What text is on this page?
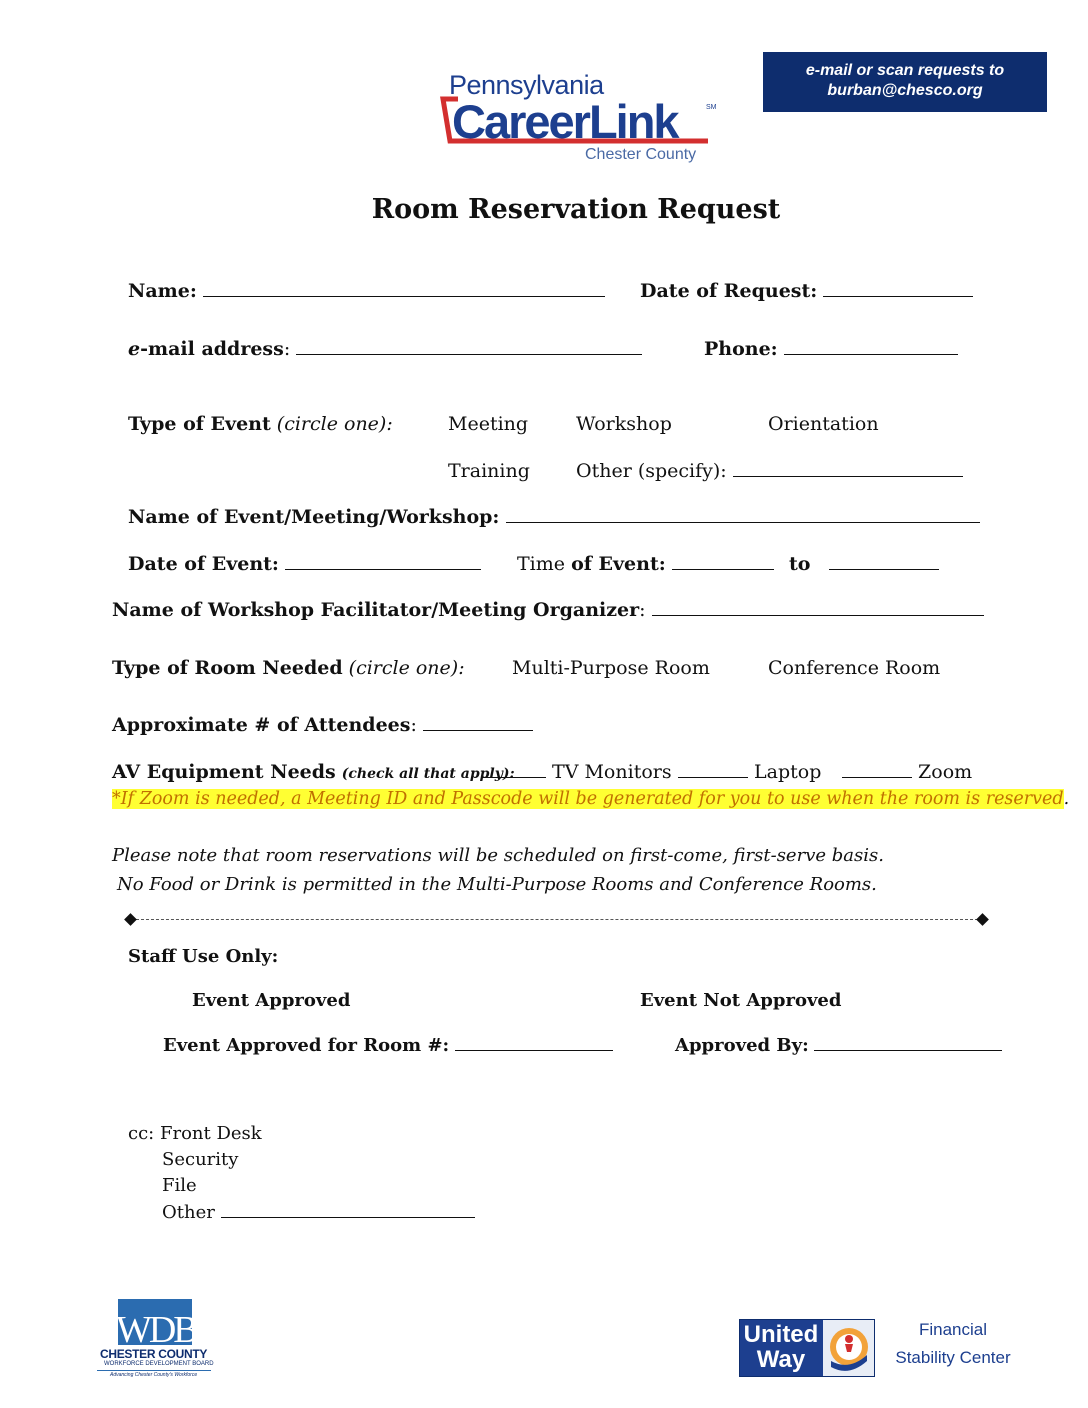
e-mail or scan requests to
burban@chesco.org
Pennsylvania
CareerLink	SM
Chester County
Room Reservation Request
Name:	Date of Request:
e-mail address:	Phone:
Type of Event (circle one):	Meeting	Workshop	Orientation
Training Other (specify):
Name of Event/Meeting/Workshop:
Date of Event:	Time of Event:	to
Name of Workshop Facilitator/Meeting Organizer:
Type of Room Needed (circle one): Multi-Purpose Room	Conference Room
Approximate # of Attendees:
AV Equipment Needs (check all that apply):	TV Monitors	Laptop	Zoom
*If Zoom is needed, a Meeting ID and Passcode will be generated for you to use when the room is reserved.
Please note that room reservations will be scheduled on first-come, first-serve basis.
No Food or Drink is permitted in the Multi-Purpose Rooms and Conference Rooms.
Staff Use Only:
Event Approved	Event Not Approved
Event Approved for Room #:	Approved By:
cc: Front Desk
Security
File
Other
WDB
CHESTER COUNTY
WORKFORCE DEVELOPMENT BOARD
Advancing Chester County's Workforce
United Way
Financial
Stability Center
